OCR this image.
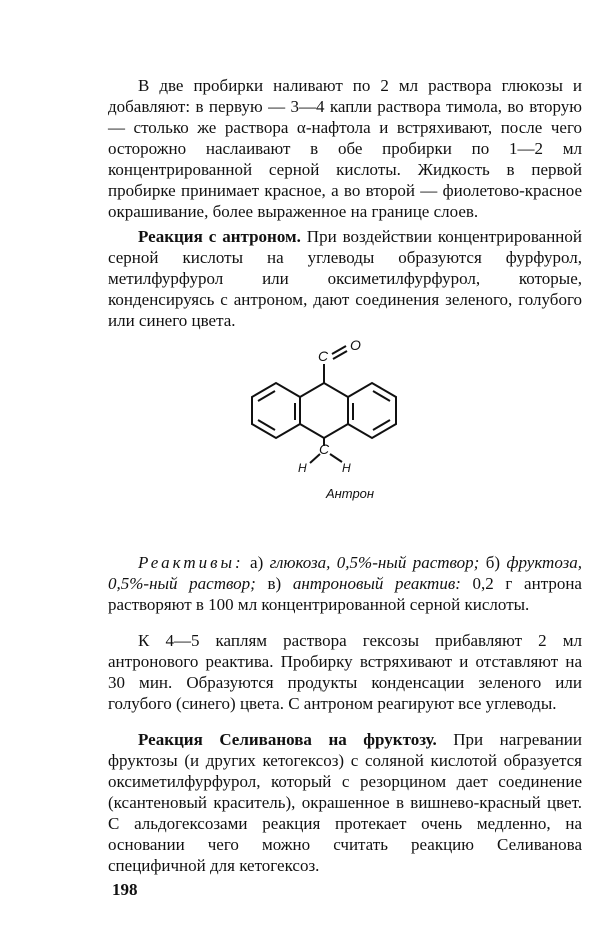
В две пробирки наливают по 2 мл раствора глюкозы и добавляют: в первую — 3—4 капли раствора тимола, во вторую — столько же раствора α-нафтола и встряхивают, после чего осторожно наслаивают в обе пробирки по 1—2 мл концентрированной серной кислоты. Жидкость в первой пробирке принимает красное, а во второй — фиолетово-красное окрашивание, более выраженное на границе слоев.
Реакция с антроном. При воздействии концентрированной серной кислоты на углеводы образуются фурфурол, метилфурфурол или оксиметилфурфурол, которые, конденсируясь с антроном, дают соединения зеленого, голубого или синего цвета.
C
O
C
H	H
Антрон
Реактивы: а) глюкоза, 0,5%-ный раствор; б) фруктоза, 0,5%-ный раствор; в) антроновый реактив: 0,2 г антрона растворяют в 100 мл концентрированной серной кислоты.
К 4—5 каплям раствора гексозы прибавляют 2 мл антронового реактива. Пробирку встряхивают и отставляют на 30 мин. Образуются продукты конденсации зеленого или голубого (синего) цвета. С антроном реагируют все углеводы.
Реакция Селиванова на фруктозу. При нагревании фруктозы (и других кетогексоз) с соляной кислотой образуется оксиметилфурфурол, который с резорцином дает соединение (ксантеновый краситель), окрашенное в вишнево-красный цвет. С альдогексозами реакция протекает очень медленно, на основании чего можно считать реакцию Селиванова специфичной для кетогексоз.
198
